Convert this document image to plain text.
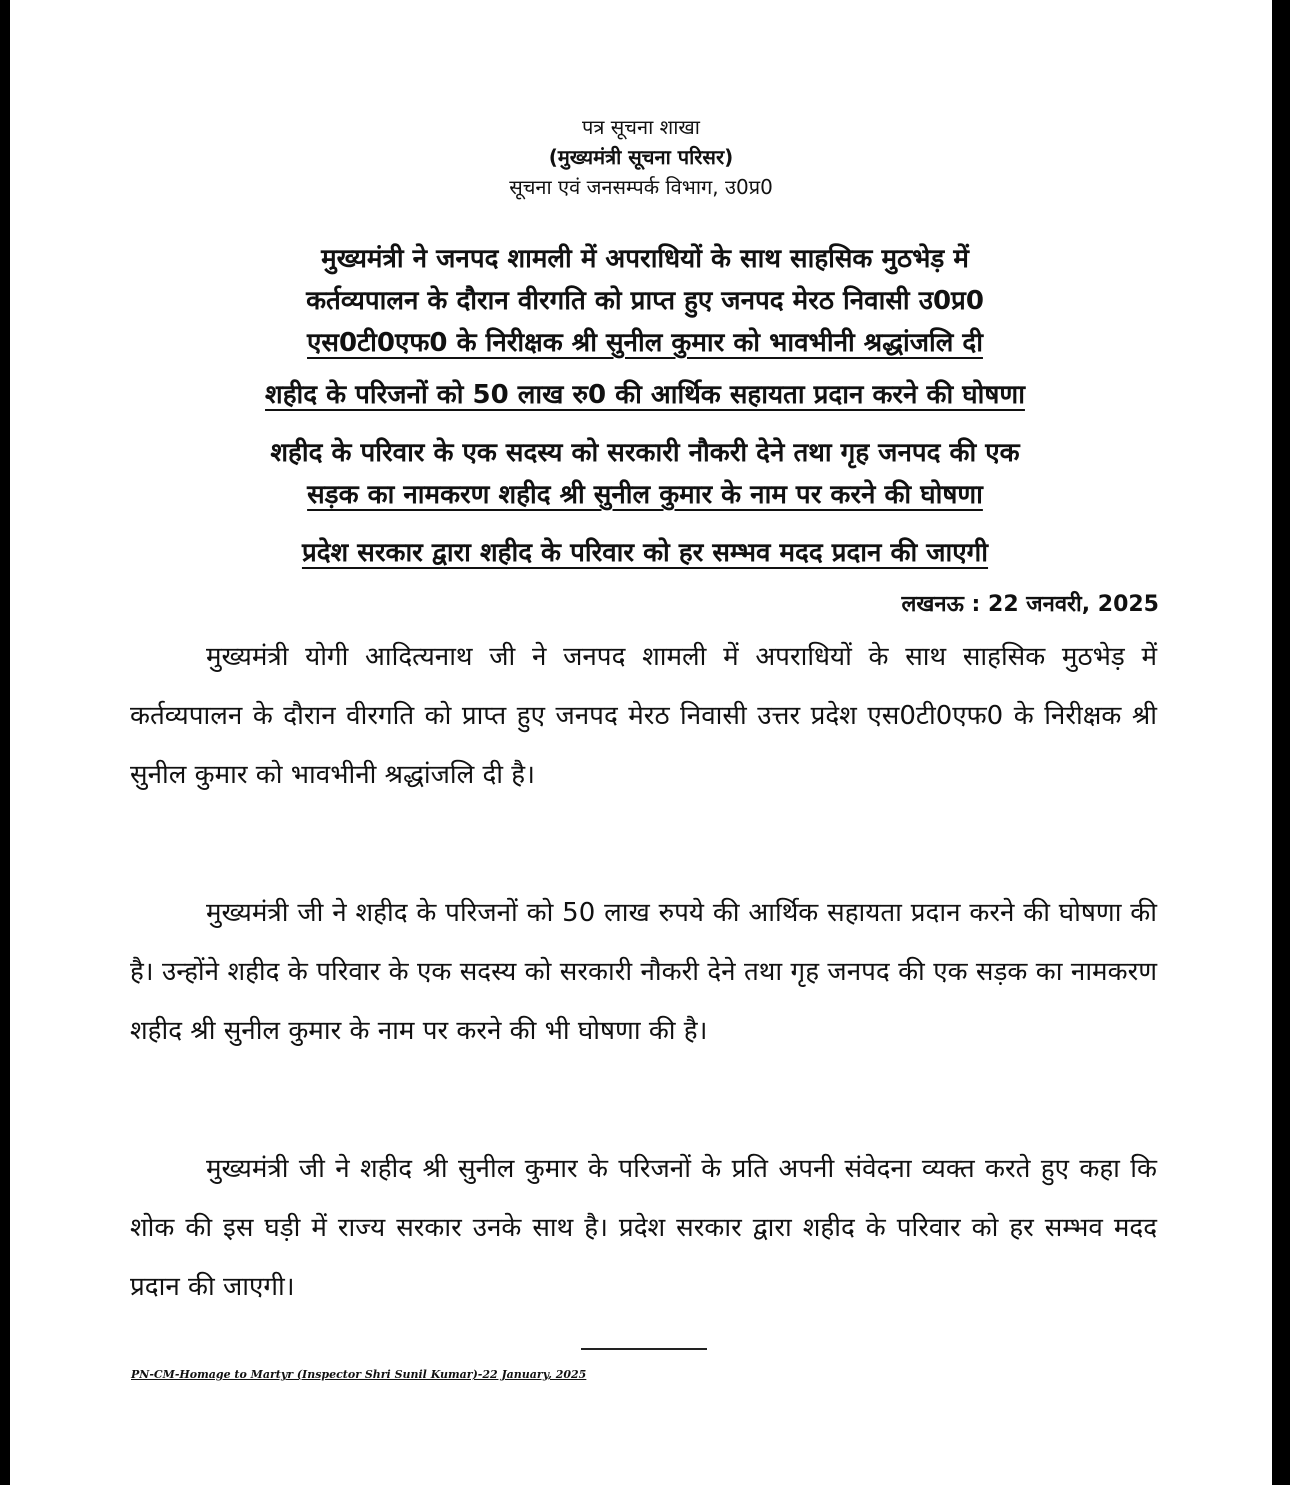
पत्र सूचना शाखा
(मुख्यमंत्री सूचना परिसर)
सूचना एवं जनसम्पर्क विभाग, उ0प्र0
मुख्यमंत्री ने जनपद शामली में अपराधियों के साथ साहसिक मुठभेड़ में
कर्तव्यपालन के दौरान वीरगति को प्राप्त हुए जनपद मेरठ निवासी उ0प्र0
एस0टी0एफ0 के निरीक्षक श्री सुनील कुमार को भावभीनी श्रद्धांजलि दी
शहीद के परिजनों को 50 लाख रु0 की आर्थिक सहायता प्रदान करने की घोषणा
शहीद के परिवार के एक सदस्य को सरकारी नौकरी देने तथा गृह जनपद की एक
सड़क का नामकरण शहीद श्री सुनील कुमार के नाम पर करने की घोषणा
प्रदेश सरकार द्वारा शहीद के परिवार को हर सम्भव मदद प्रदान की जाएगी
लखनऊ : 22 जनवरी, 2025
मुख्यमंत्री योगी आदित्यनाथ जी ने जनपद शामली में अपराधियों के साथ साहसिक मुठभेड़ में कर्तव्यपालन के दौरान वीरगति को प्राप्त हुए जनपद मेरठ निवासी उत्तर प्रदेश एस0टी0एफ0 के निरीक्षक श्री सुनील कुमार को भावभीनी श्रद्धांजलि दी है।
मुख्यमंत्री जी ने शहीद के परिजनों को 50 लाख रुपये की आर्थिक सहायता प्रदान करने की घोषणा की है। उन्होंने शहीद के परिवार के एक सदस्य को सरकारी नौकरी देने तथा गृह जनपद की एक सड़क का नामकरण शहीद श्री सुनील कुमार के नाम पर करने की भी घोषणा की है।
मुख्यमंत्री जी ने शहीद श्री सुनील कुमार के परिजनों के प्रति अपनी संवेदना व्यक्त करते हुए कहा कि शोक की इस घड़ी में राज्य सरकार उनके साथ है। प्रदेश सरकार द्वारा शहीद के परिवार को हर सम्भव मदद प्रदान की जाएगी।
PN-CM-Homage to Martyr (Inspector Shri Sunil Kumar)-22 January, 2025
